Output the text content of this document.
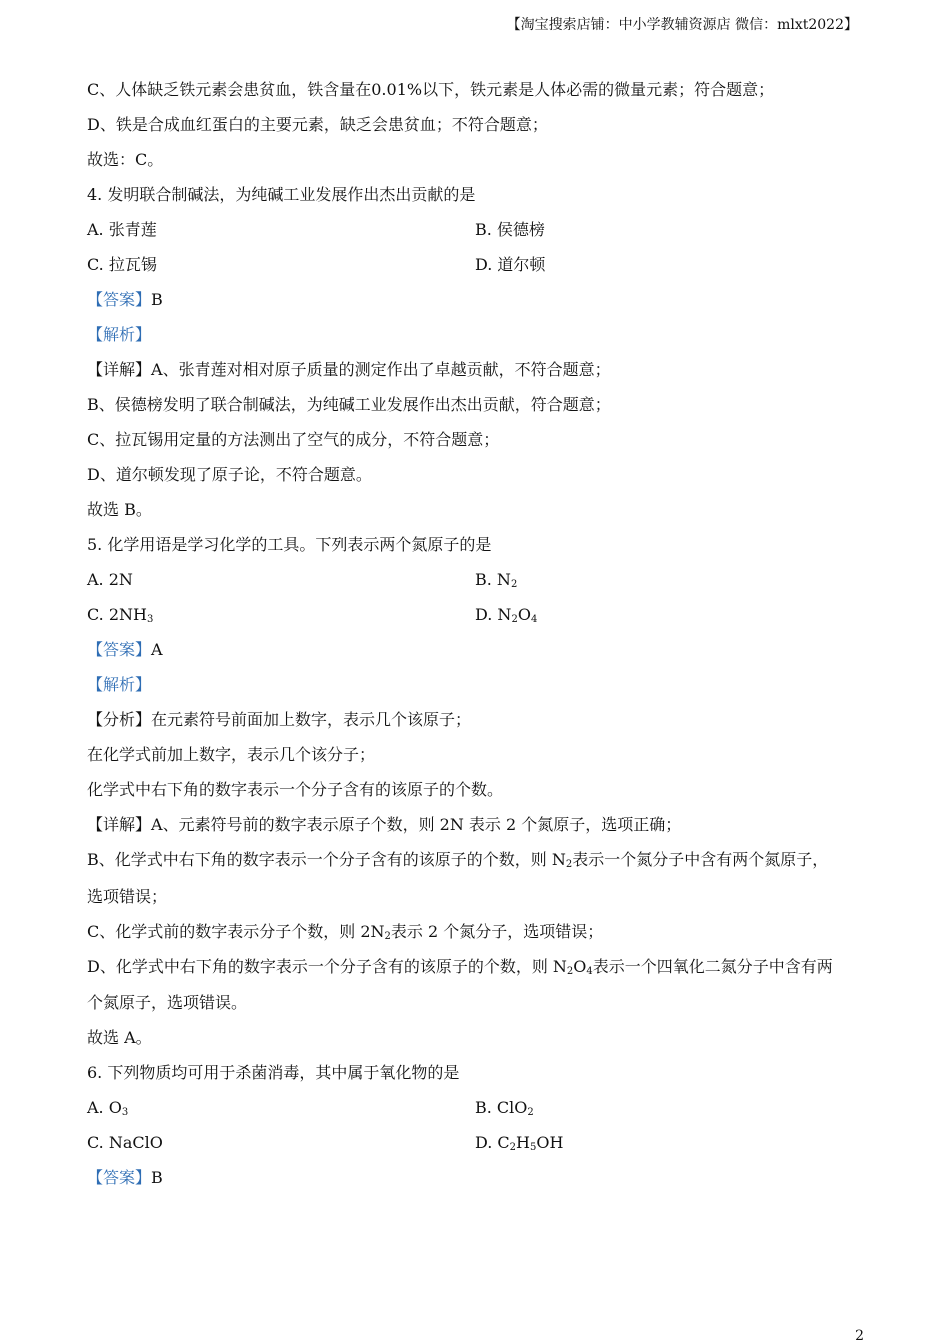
【淘宝搜索店铺：中小学教辅资源店 微信：mlxt2022】
C、人体缺乏铁元素会患贫血，铁含量在0.01%以下，铁元素是人体必需的微量元素；符合题意；
D、铁是合成血红蛋白的主要元素，缺乏会患贫血；不符合题意；
故选：C。
4. 发明联合制碱法，为纯碱工业发展作出杰出贡献的是
A. 张青莲	B. 侯德榜
C. 拉瓦锡	D. 道尔顿
【答案】B
【解析】
【详解】A、张青莲对相对原子质量的测定作出了卓越贡献，不符合题意；
B、侯德榜发明了联合制碱法，为纯碱工业发展作出杰出贡献，符合题意；
C、拉瓦锡用定量的方法测出了空气的成分，不符合题意；
D、道尔顿发现了原子论，不符合题意。
故选 B。
5. 化学用语是学习化学的工具。下列表示两个氮原子的是
A. 2N	B. $N_2$
C. $2NH_3$	D. $N_2O_4$
【答案】A
【解析】
【分析】在元素符号前面加上数字，表示几个该原子；
在化学式前加上数字，表示几个该分子；
化学式中右下角的数字表示一个分子含有的该原子的个数。
【详解】A、元素符号前的数字表示原子个数，则 2N 表示 2 个氮原子，选项正确；
B、化学式中右下角的数字表示一个分子含有的该原子的个数，则 $N_2$表示一个氮分子中含有两个氮原子，
选项错误；
C、化学式前的数字表示分子个数，则 $2N_2$表示 2 个氮分子，选项错误；
D、化学式中右下角的数字表示一个分子含有的该原子的个数，则 $N_2O_4$表示一个四氧化二氮分子中含有两
个氮原子，选项错误。
故选 A。
6. 下列物质均可用于杀菌消毒，其中属于氧化物的是
A. $O_3$	B. ClO$_2$
C. NaClO	D. $C_2H_5OH$
【答案】B
2
